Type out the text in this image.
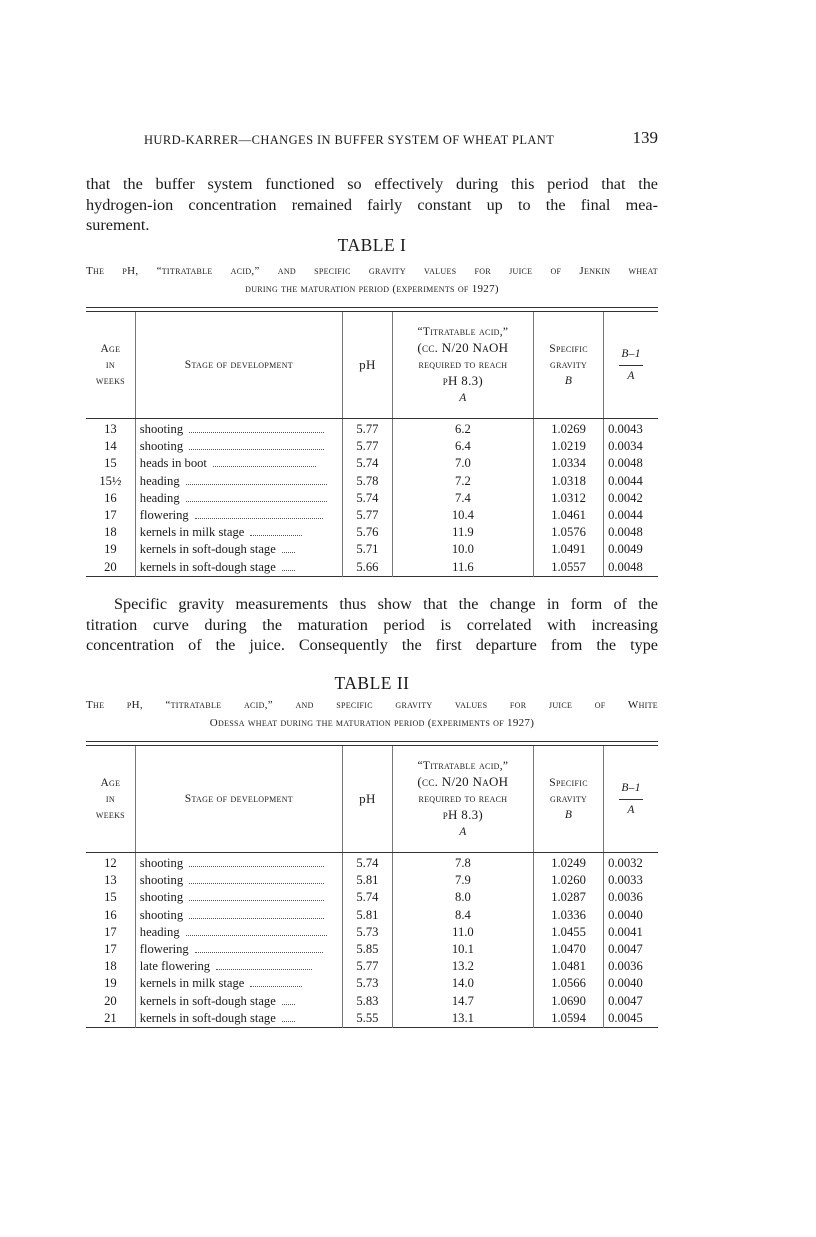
HURD-KARRER—CHANGES IN BUFFER SYSTEM OF WHEAT PLANT	139

that the buffer system functioned so effectively during this period that the
hydrogen-ion concentration remained fairly constant up to the final mea-
surement.

TABLE I
The pH, “titratable acid,” and specific gravity values for juice of Jenkin wheat
during the maturation period (experiments of 1927)

Age
in
weeks	Stage of development	pH	“Titratable acid,”
(cc. N/20 NaOH
required to reach
pH 8.3)
A	Specific
gravity
B	$\frac{B-1}{A}$

13	shooting	5.77	6.2	1.0269	0.0043
14	shooting	5.77	6.4	1.0219	0.0034
15	heads in boot	5.74	7.0	1.0334	0.0048
15½	heading	5.78	7.2	1.0318	0.0044
16	heading	5.74	7.4	1.0312	0.0042
17	flowering	5.77	10.4	1.0461	0.0044
18	kernels in milk stage	5.76	11.9	1.0576	0.0048
19	kernels in soft-dough stage	5.71	10.0	1.0491	0.0049
20	kernels in soft-dough stage	5.66	11.6	1.0557	0.0048

Specific gravity measurements thus show that the change in form of the
titration curve during the maturation period is correlated with increasing
concentration of the juice. Consequently the first departure from the type

TABLE II
The pH, “titratable acid,” and specific gravity values for juice of White
Odessa wheat during the maturation period (experiments of 1927)

Age
in
weeks	Stage of development	pH	“Titratable acid,”
(cc. N/20 NaOH
required to reach
pH 8.3)
A	Specific
gravity
B	$\frac{B-1}{A}$

12	shooting	5.74	7.8	1.0249	0.0032
13	shooting	5.81	7.9	1.0260	0.0033
15	shooting	5.74	8.0	1.0287	0.0036
16	shooting	5.81	8.4	1.0336	0.0040
17	heading	5.73	11.0	1.0455	0.0041
17	flowering	5.85	10.1	1.0470	0.0047
18	late flowering	5.77	13.2	1.0481	0.0036
19	kernels in milk stage	5.73	14.0	1.0566	0.0040
20	kernels in soft-dough stage	5.83	14.7	1.0690	0.0047
21	kernels in soft-dough stage	5.55	13.1	1.0594	0.0045
